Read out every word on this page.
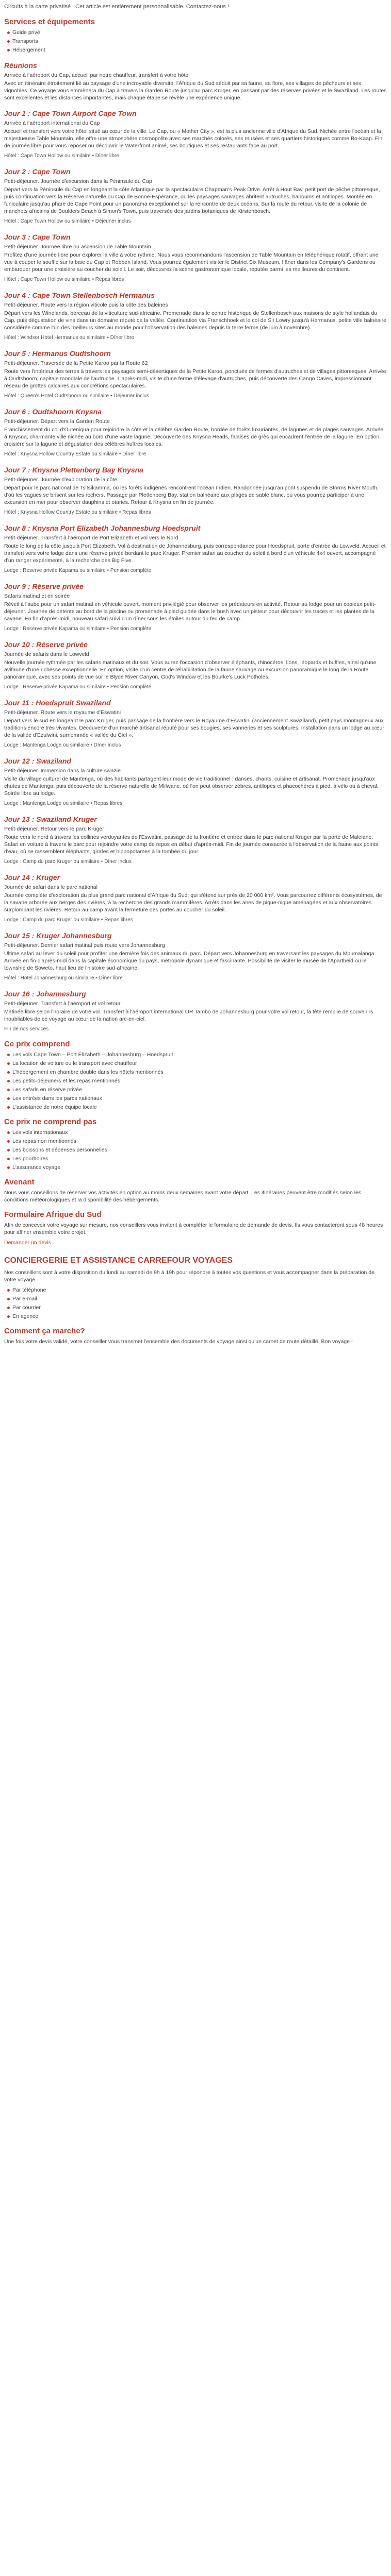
Circuits à la carte privatisé : Cet article est entièrement personnalisable. Contactez-nous !

Services et équipements
Guide privé
Transports
Hébergement
Réunions

Arrivée à l'aéroport du Cap, accueil par notre chauffeur, transfert à votre hôtel

Avec un itinéraire étroitement lié au paysage d'une incroyable diversité, l'Afrique du Sud séduit par sa faune, sa flore, ses villages de pêcheurs et ses vignobles. Ce voyage vous emmènera du Cap à travers la Garden Route jusqu'au parc Kruger, en passant par des réserves privées et le Swaziland. Les routes sont excellentes et les distances importantes, mais chaque étape se révèle une expérience unique.

Jour 1 : Cape Town Airport Cape Town

Arrivée à l'aéroport international du Cap

Accueil et transfert vers votre hôtel situé au cœur de la ville. Le Cap, ou « Mother City », est la plus ancienne ville d'Afrique du Sud. Nichée entre l'océan et la majestueuse Table Mountain, elle offre une atmosphère cosmopolite avec ses marchés colorés, ses musées et ses quartiers historiques comme Bo-Kaap. Fin de journée libre pour vous reposer ou découvrir le Waterfront animé, ses boutiques et ses restaurants face au port.

Hôtel : Cape Town Hollow ou similaire • Dîner libre

Jour 2 : Cape Town

Petit-déjeuner. Journée d'excursion dans la Péninsule du Cap

Départ vers la Péninsule du Cap en longeant la côte Atlantique par la spectaculaire Chapman's Peak Drive. Arrêt à Hout Bay, petit port de pêche pittoresque, puis continuation vers la Réserve naturelle du Cap de Bonne-Espérance, où les paysages sauvages abritent autruches, babouins et antilopes. Montée en funiculaire jusqu'au phare de Cape Point pour un panorama exceptionnel sur la rencontre de deux océans. Sur la route du retour, visite de la colonie de manchots africains de Boulders Beach à Simon's Town, puis traversée des jardins botaniques de Kirstenbosch.

Hôtel : Cape Town Hollow ou similaire • Déjeuner inclus

Jour 3 : Cape Town

Petit-déjeuner. Journée libre ou ascension de Table Mountain

Profitez d'une journée libre pour explorer la ville à votre rythme. Nous vous recommandons l'ascension de Table Mountain en téléphérique rotatif, offrant une vue à couper le souffle sur la baie du Cap et Robben Island. Vous pourrez également visiter le District Six Museum, flâner dans les Company's Gardens ou embarquer pour une croisière au coucher du soleil. Le soir, découvrez la scène gastronomique locale, réputée parmi les meilleures du continent.

Hôtel : Cape Town Hollow ou similaire • Repas libres

Jour 4 : Cape Town Stellenbosch Hermanus

Petit-déjeuner. Route vers la région viticole puis la côte des baleines

Départ vers les Winelands, berceau de la viticulture sud-africaine. Promenade dans le centre historique de Stellenbosch aux maisons de style hollandais du Cap, puis dégustation de vins dans un domaine réputé de la vallée. Continuation via Franschhoek et le col de Sir Lowry jusqu'à Hermanus, petite ville balnéaire considérée comme l'un des meilleurs sites au monde pour l'observation des baleines depuis la terre ferme (de juin à novembre).

Hôtel : Windsor Hotel Hermanus ou similaire • Dîner libre

Jour 5 : Hermanus Oudtshoorn

Petit-déjeuner. Traversée de la Petite Karoo par la Route 62

Route vers l'intérieur des terres à travers les paysages semi-désertiques de la Petite Karoo, ponctués de fermes d'autruches et de villages pittoresques. Arrivée à Oudtshoorn, capitale mondiale de l'autruche. L'après-midi, visite d'une ferme d'élevage d'autruches, puis découverte des Cango Caves, impressionnant réseau de grottes calcaires aux concrétions spectaculaires.

Hôtel : Queen's Hotel Oudtshoorn ou similaire • Déjeuner inclus

Jour 6 : Oudtshoorn Knysna

Petit-déjeuner. Départ vers la Garden Route

Franchissement du col d'Outeniqua pour rejoindre la côte et la célèbre Garden Route, bordée de forêts luxuriantes, de lagunes et de plages sauvages. Arrivée à Knysna, charmante ville nichée au bord d'une vaste lagune. Découverte des Knysna Heads, falaises de grès qui encadrent l'entrée de la lagune. En option, croisière sur la lagune et dégustation des célèbres huîtres locales.

Hôtel : Knysna Hollow Country Estate ou similaire • Dîner libre

Jour 7 : Knysna Plettenberg Bay Knysna

Petit-déjeuner. Journée d'exploration de la côte

Départ pour le parc national de Tsitsikamma, où les forêts indigènes rencontrent l'océan Indien. Randonnée jusqu'au pont suspendu de Storms River Mouth, d'où les vagues se brisent sur les rochers. Passage par Plettenberg Bay, station balnéaire aux plages de sable blanc, où vous pourrez participer à une excursion en mer pour observer dauphins et otaries. Retour à Knysna en fin de journée.

Hôtel : Knysna Hollow Country Estate ou similaire • Repas libres

Jour 8 : Knysna Port Elizabeth Johannesburg Hoedspruit

Petit-déjeuner. Transfert à l'aéroport de Port Elizabeth et vol vers le Nord

Route le long de la côte jusqu'à Port Elizabeth. Vol à destination de Johannesburg, puis correspondance pour Hoedspruit, porte d'entrée du Lowveld. Accueil et transfert vers votre lodge dans une réserve privée bordant le parc Kruger. Premier safari au coucher du soleil à bord d'un véhicule 4x4 ouvert, accompagné d'un ranger expérimenté, à la recherche des Big Five.

Lodge : Reserve privée Kapama ou similaire • Pension complète

Jour 9 : Réserve privée

Safaris matinal et en soirée

Réveil à l'aube pour un safari matinal en véhicule ouvert, moment privilégié pour observer les prédateurs en activité. Retour au lodge pour un copieux petit-déjeuner. Journée de détente au bord de la piscine ou promenade à pied guidée dans le bush avec un pisteur pour découvrir les traces et les plantes de la savane. En fin d'après-midi, nouveau safari suivi d'un dîner sous les étoiles autour du feu de camp.

Lodge : Reserve privée Kapama ou similaire • Pension complète

Jour 10 : Réserve privée

Journée de safaris dans le Lowveld

Nouvelle journée rythmée par les safaris matinaux et du soir. Vous aurez l'occasion d'observer éléphants, rhinocéros, lions, léopards et buffles, ainsi qu'une avifaune d'une richesse exceptionnelle. En option, visite d'un centre de réhabilitation de la faune sauvage ou excursion panoramique le long de la Route panoramique, avec ses points de vue sur le Blyde River Canyon, God's Window et les Bourke's Luck Potholes.

Lodge : Reserve privée Kapama ou similaire • Pension complète

Jour 11 : Hoedspruit Swaziland

Petit-déjeuner. Route vers le royaume d'Eswatini

Départ vers le sud en longeant le parc Kruger, puis passage de la frontière vers le Royaume d'Eswatini (anciennement Swaziland), petit pays montagneux aux traditions encore très vivantes. Découverte d'un marché artisanal réputé pour ses bougies, ses vanneries et ses sculptures. Installation dans un lodge au cœur de la vallée d'Ezulwini, surnommée « vallée du Ciel ».

Lodge : Mantenga Lodge ou similaire • Dîner inclus

Jour 12 : Swaziland

Petit-déjeuner. Immersion dans la culture swazie

Visite du village culturel de Mantenga, où des habitants partagent leur mode de vie traditionnel : danses, chants, cuisine et artisanat. Promenade jusqu'aux chutes de Mantenga, puis découverte de la réserve naturelle de Mlilwane, où l'on peut observer zèbres, antilopes et phacochères à pied, à vélo ou à cheval. Soirée libre au lodge.

Lodge : Mantenga Lodge ou similaire • Repas libres

Jour 13 : Swaziland Kruger

Petit-déjeuner. Retour vers le parc Kruger

Route vers le nord à travers les collines verdoyantes de l'Eswatini, passage de la frontière et entrée dans le parc national Kruger par la porte de Malelane. Safari en voiture à travers le parc pour rejoindre votre camp de repos en début d'après-midi. Fin de journée consacrée à l'observation de la faune aux points d'eau, où se rassemblent éléphants, girafes et hippopotames à la tombée du jour.

Lodge : Camp du parc Kruger ou similaire • Dîner inclus

Jour 14 : Kruger

Journée de safari dans le parc national

Journée complète d'exploration du plus grand parc national d'Afrique du Sud, qui s'étend sur près de 20 000 km². Vous parcourrez différents écosystèmes, de la savane arborée aux berges des rivières, à la recherche des grands mammifères. Arrêts dans les aires de pique-nique aménagées et aux observatoires surplombant les rivières. Retour au camp avant la fermeture des portes au coucher du soleil.

Lodge : Camp du parc Kruger ou similaire • Repas libres

Jour 15 : Kruger Johannesburg

Petit-déjeuner. Dernier safari matinal puis route vers Johannesburg

Ultime safari au lever du soleil pour profiter une dernière fois des animaux du parc. Départ vers Johannesburg en traversant les paysages du Mpumalanga. Arrivée en fin d'après-midi dans la capitale économique du pays, métropole dynamique et fascinante. Possibilité de visiter le musée de l'Apartheid ou le township de Soweto, haut lieu de l'histoire sud-africaine.

Hôtel : Hotel Johannesburg ou similaire • Dîner libre

Jour 16 : Johannesburg

Petit-déjeuner. Transfert à l'aéroport et vol retour

Matinée libre selon l'horaire de votre vol. Transfert à l'aéroport international OR Tambo de Johannesburg pour votre vol retour, la tête remplie de souvenirs inoubliables de ce voyage au cœur de la nation arc-en-ciel.

Fin de nos services

Ce prix comprend
Les vols Cape Town – Port Elizabeth – Johannesburg – Hoedspruit
La location de voiture ou le transport avec chauffeur
L'hébergement en chambre double dans les hôtels mentionnés
Les petits-déjeuners et les repas mentionnés
Les safaris en réserve privée
Les entrées dans les parcs nationaux
L'assistance de notre équipe locale
Ce prix ne comprend pas
Les vols internationaux
Les repas non mentionnés
Les boissons et dépenses personnelles
Les pourboires
L'assurance voyage
Avenant

Nous vous conseillons de réserver vos activités en option au moins deux semaines avant votre départ. Les itinéraires peuvent être modifiés selon les conditions météorologiques et la disponibilité des hébergements.

Formulaire Afrique du Sud

Afin de concevoir votre voyage sur mesure, nos conseillers vous invitent à compléter le formulaire de demande de devis. Ils vous contacteront sous 48 heures pour affiner ensemble votre projet.

Demander un devis

CONCIERGERIE ET ASSISTANCE CARREFOUR VOYAGES

Nos conseillers sont à votre disposition du lundi au samedi de 9h à 19h pour répondre à toutes vos questions et vous accompagner dans la préparation de votre voyage.

Par téléphone
Par e-mail
Par courrier
En agence
Comment ça marche?

Une fois votre devis validé, votre conseiller vous transmet l'ensemble des documents de voyage ainsi qu'un carnet de route détaillé. Bon voyage !
